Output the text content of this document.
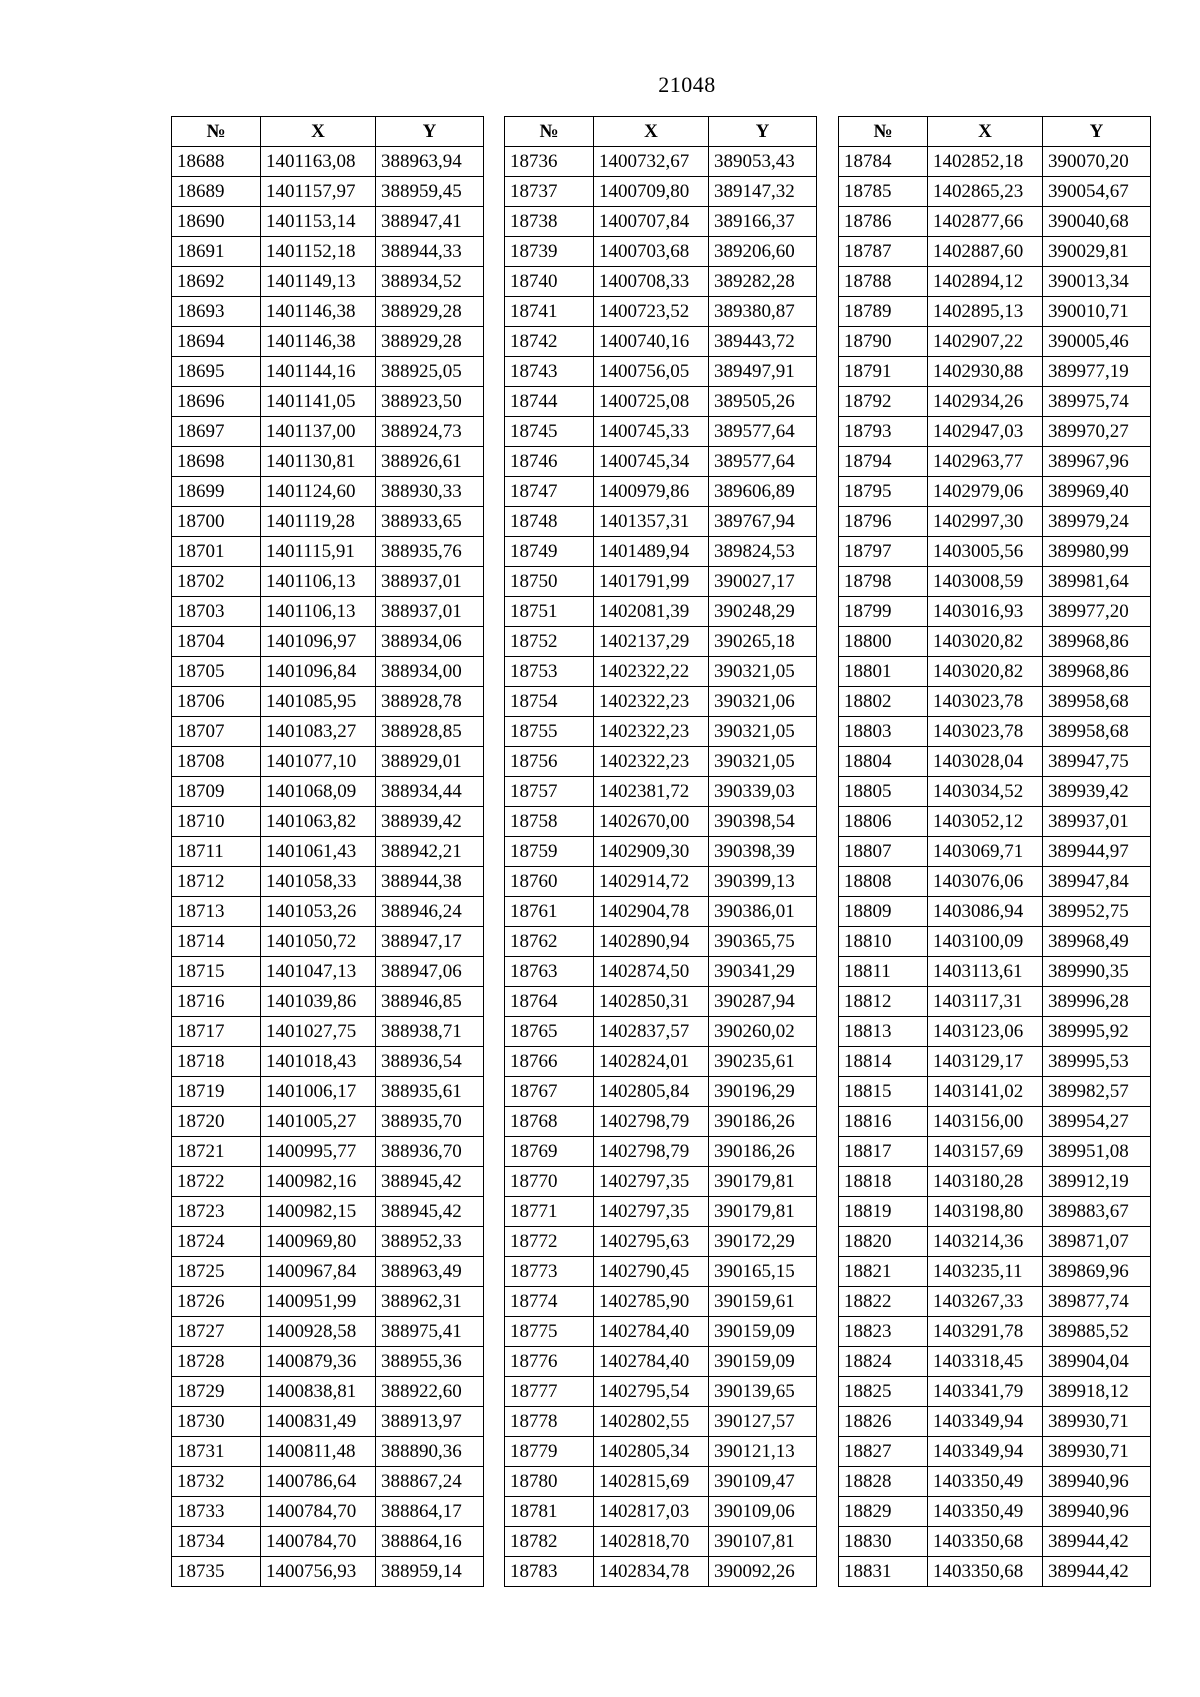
21048
№	X	Y
18688	1401163,08	388963,94
18689	1401157,97	388959,45
18690	1401153,14	388947,41
18691	1401152,18	388944,33
18692	1401149,13	388934,52
18693	1401146,38	388929,28
18694	1401146,38	388929,28
18695	1401144,16	388925,05
18696	1401141,05	388923,50
18697	1401137,00	388924,73
18698	1401130,81	388926,61
18699	1401124,60	388930,33
18700	1401119,28	388933,65
18701	1401115,91	388935,76
18702	1401106,13	388937,01
18703	1401106,13	388937,01
18704	1401096,97	388934,06
18705	1401096,84	388934,00
18706	1401085,95	388928,78
18707	1401083,27	388928,85
18708	1401077,10	388929,01
18709	1401068,09	388934,44
18710	1401063,82	388939,42
18711	1401061,43	388942,21
18712	1401058,33	388944,38
18713	1401053,26	388946,24
18714	1401050,72	388947,17
18715	1401047,13	388947,06
18716	1401039,86	388946,85
18717	1401027,75	388938,71
18718	1401018,43	388936,54
18719	1401006,17	388935,61
18720	1401005,27	388935,70
18721	1400995,77	388936,70
18722	1400982,16	388945,42
18723	1400982,15	388945,42
18724	1400969,80	388952,33
18725	1400967,84	388963,49
18726	1400951,99	388962,31
18727	1400928,58	388975,41
18728	1400879,36	388955,36
18729	1400838,81	388922,60
18730	1400831,49	388913,97
18731	1400811,48	388890,36
18732	1400786,64	388867,24
18733	1400784,70	388864,17
18734	1400784,70	388864,16
18735	1400756,93	388959,14
№	X	Y
18736	1400732,67	389053,43
18737	1400709,80	389147,32
18738	1400707,84	389166,37
18739	1400703,68	389206,60
18740	1400708,33	389282,28
18741	1400723,52	389380,87
18742	1400740,16	389443,72
18743	1400756,05	389497,91
18744	1400725,08	389505,26
18745	1400745,33	389577,64
18746	1400745,34	389577,64
18747	1400979,86	389606,89
18748	1401357,31	389767,94
18749	1401489,94	389824,53
18750	1401791,99	390027,17
18751	1402081,39	390248,29
18752	1402137,29	390265,18
18753	1402322,22	390321,05
18754	1402322,23	390321,06
18755	1402322,23	390321,05
18756	1402322,23	390321,05
18757	1402381,72	390339,03
18758	1402670,00	390398,54
18759	1402909,30	390398,39
18760	1402914,72	390399,13
18761	1402904,78	390386,01
18762	1402890,94	390365,75
18763	1402874,50	390341,29
18764	1402850,31	390287,94
18765	1402837,57	390260,02
18766	1402824,01	390235,61
18767	1402805,84	390196,29
18768	1402798,79	390186,26
18769	1402798,79	390186,26
18770	1402797,35	390179,81
18771	1402797,35	390179,81
18772	1402795,63	390172,29
18773	1402790,45	390165,15
18774	1402785,90	390159,61
18775	1402784,40	390159,09
18776	1402784,40	390159,09
18777	1402795,54	390139,65
18778	1402802,55	390127,57
18779	1402805,34	390121,13
18780	1402815,69	390109,47
18781	1402817,03	390109,06
18782	1402818,70	390107,81
18783	1402834,78	390092,26
№	X	Y
18784	1402852,18	390070,20
18785	1402865,23	390054,67
18786	1402877,66	390040,68
18787	1402887,60	390029,81
18788	1402894,12	390013,34
18789	1402895,13	390010,71
18790	1402907,22	390005,46
18791	1402930,88	389977,19
18792	1402934,26	389975,74
18793	1402947,03	389970,27
18794	1402963,77	389967,96
18795	1402979,06	389969,40
18796	1402997,30	389979,24
18797	1403005,56	389980,99
18798	1403008,59	389981,64
18799	1403016,93	389977,20
18800	1403020,82	389968,86
18801	1403020,82	389968,86
18802	1403023,78	389958,68
18803	1403023,78	389958,68
18804	1403028,04	389947,75
18805	1403034,52	389939,42
18806	1403052,12	389937,01
18807	1403069,71	389944,97
18808	1403076,06	389947,84
18809	1403086,94	389952,75
18810	1403100,09	389968,49
18811	1403113,61	389990,35
18812	1403117,31	389996,28
18813	1403123,06	389995,92
18814	1403129,17	389995,53
18815	1403141,02	389982,57
18816	1403156,00	389954,27
18817	1403157,69	389951,08
18818	1403180,28	389912,19
18819	1403198,80	389883,67
18820	1403214,36	389871,07
18821	1403235,11	389869,96
18822	1403267,33	389877,74
18823	1403291,78	389885,52
18824	1403318,45	389904,04
18825	1403341,79	389918,12
18826	1403349,94	389930,71
18827	1403349,94	389930,71
18828	1403350,49	389940,96
18829	1403350,49	389940,96
18830	1403350,68	389944,42
18831	1403350,68	389944,42
